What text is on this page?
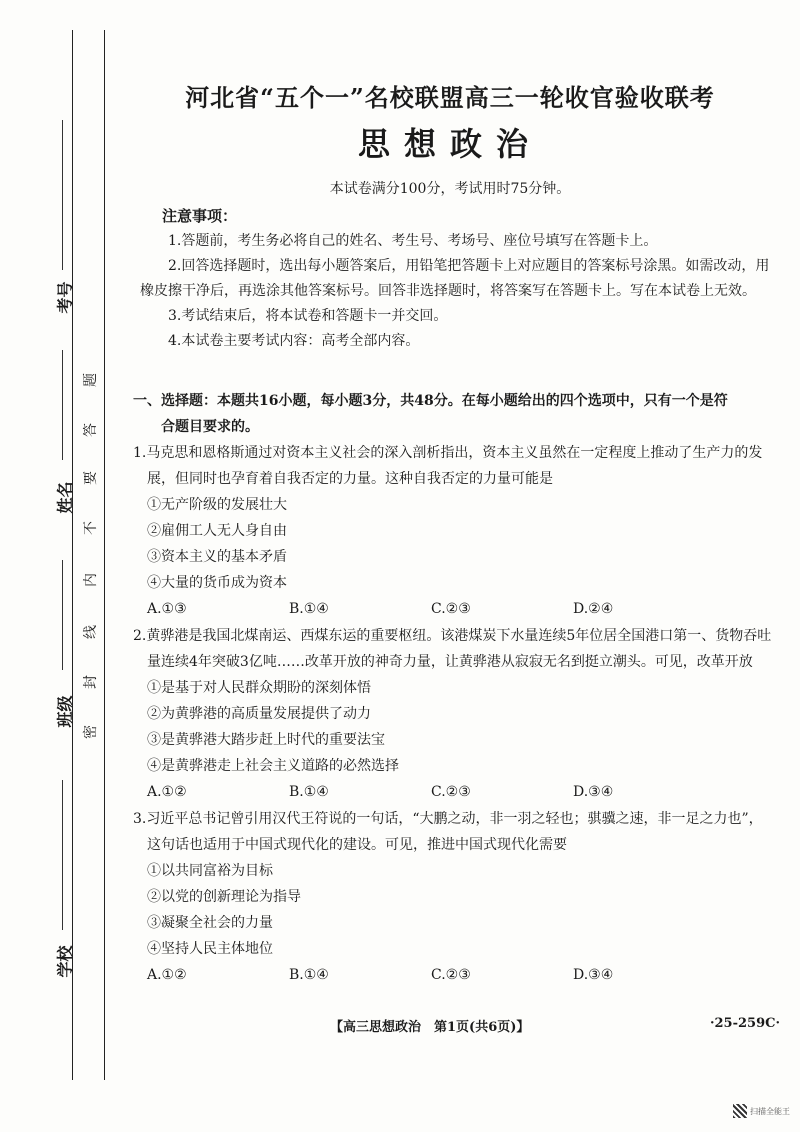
考号
姓名
班级
学校
题
答
要
不
内
线
封
密
河北省“五个一”名校联盟高三一轮收官验收联考
思想政治
本试卷满分100分，考试用时75分钟。
注意事项：

1.答题前，考生务必将自己的姓名、考生号、考场号、座位号填写在答题卡上。

2.回答选择题时，选出每小题答案后，用铅笔把答题卡上对应题目的答案标号涂黑。如需改动，用橡皮擦干净后，再选涂其他答案标号。回答非选择题时，将答案写在答题卡上。写在本试卷上无效。

3.考试结束后，将本试卷和答题卡一并交回。

4.本试卷主要考试内容：高考全部内容。

一、选择题：本题共16小题，每小题3分，共48分。在每小题给出的四个选项中，只有一个是符
合题目要求的。

1.马克思和恩格斯通过对资本主义社会的深入剖析指出，资本主义虽然在一定程度上推动了生产力的发展，但同时也孕育着自我否定的力量。这种自我否定的力量可能是

①无产阶级的发展壮大

②雇佣工人无人身自由

③资本主义的基本矛盾

④大量的货币成为资本

A.①③	B.①④	C.②③	D.②④

2.黄骅港是我国北煤南运、西煤东运的重要枢纽。该港煤炭下水量连续5年位居全国港口第一、货物吞吐量连续4年突破3亿吨……改革开放的神奇力量，让黄骅港从寂寂无名到挺立潮头。可见，改革开放

①是基于对人民群众期盼的深刻体悟

②为黄骅港的高质量发展提供了动力

③是黄骅港大踏步赶上时代的重要法宝

④是黄骅港走上社会主义道路的必然选择

A.①②	B.①④	C.②③	D.③④

3.习近平总书记曾引用汉代王符说的一句话，“大鹏之动，非一羽之轻也；骐骥之速，非一足之力也”，这句话也适用于中国式现代化的建设。可见，推进中国式现代化需要

①以共同富裕为目标

②以党的创新理论为指导

③凝聚全社会的力量

④坚持人民主体地位

A.①②	B.①④	C.②③	D.③④
【高三思想政治　第1页(共6页)】	·25-259C·
扫描全能王
